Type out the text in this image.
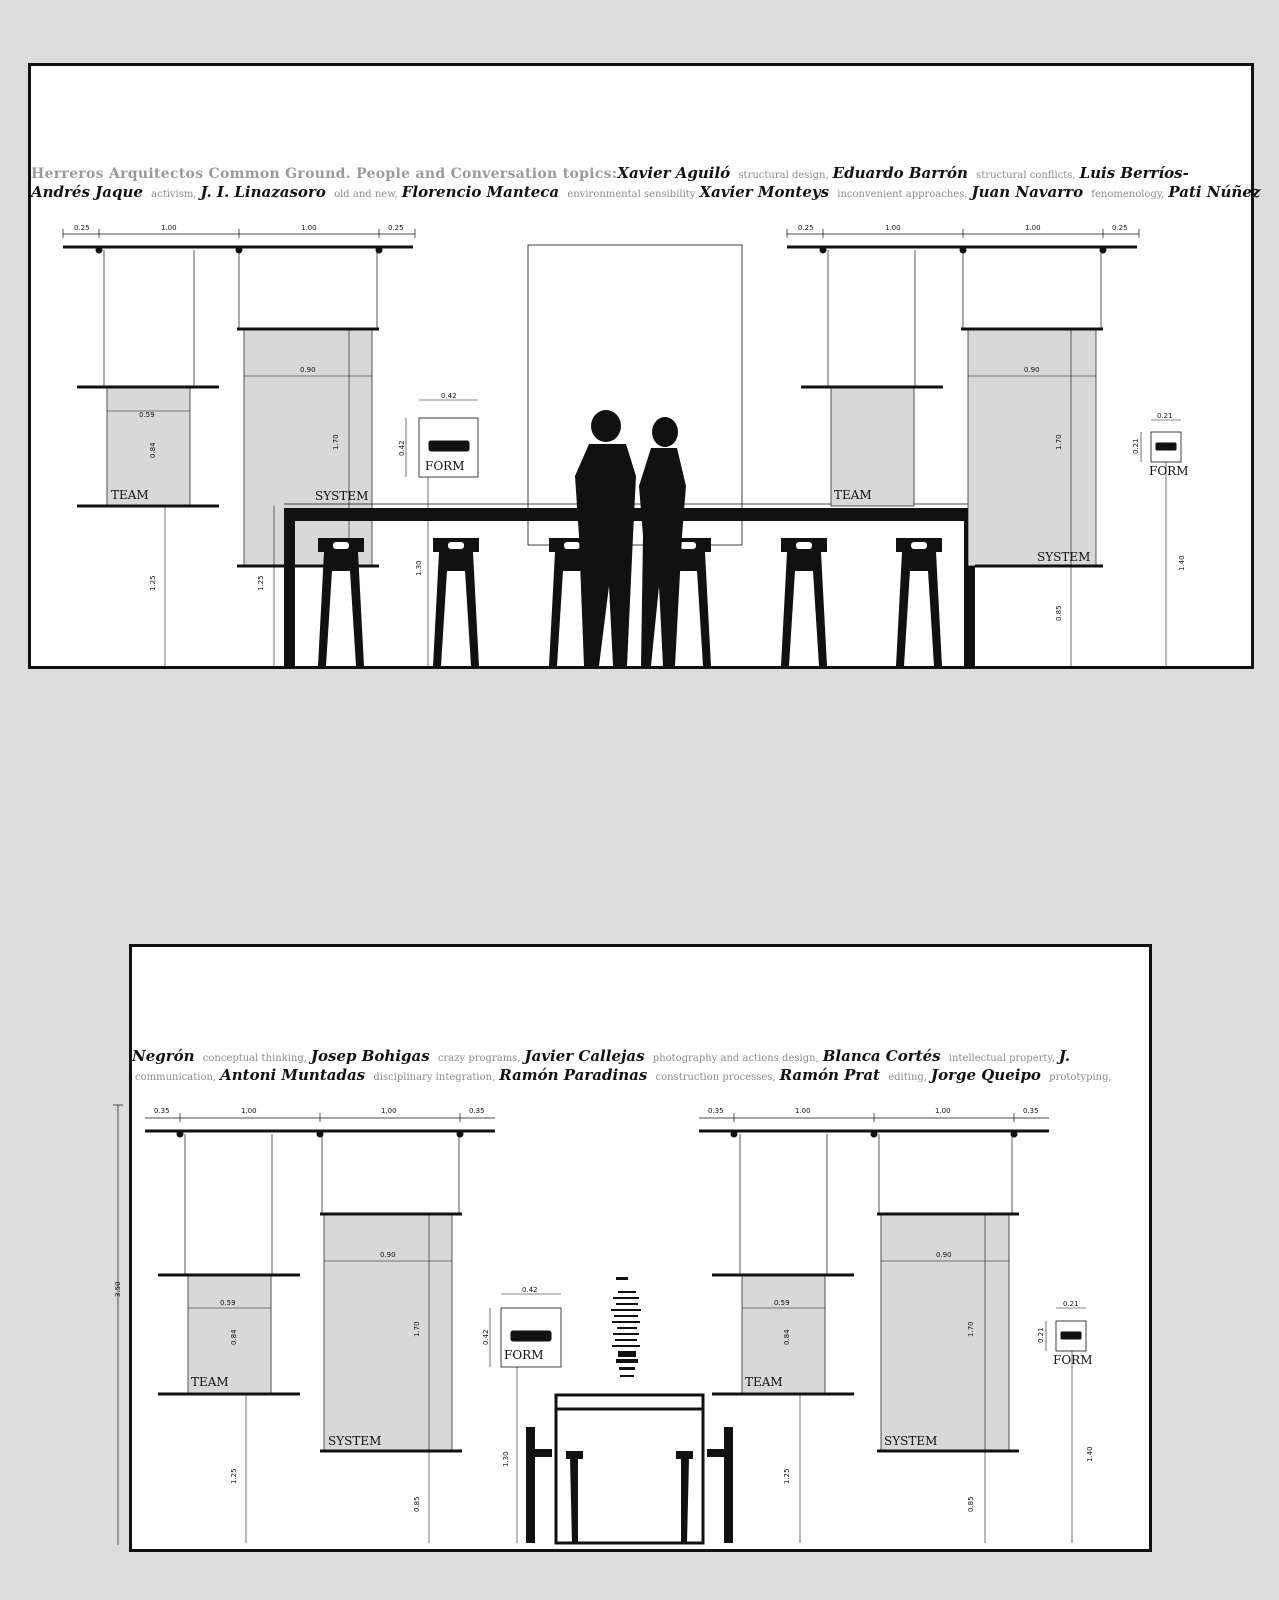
Herreros Arquitectos Common Ground. People and Conversation topics:Xavier Aguiló structural design, Eduardo Barrón structural conflicts, Luis Berríos-
Andrés Jaque activism, J. I. Linazasoro old and new, Florencio Manteca environmental sensibility Xavier Monteys inconvenient approaches, Juan Navarro fenomenology, Pati Núñez
TEAM	SYSTEM
FORM
TEAM
SYSTEM
FORM
0.25	1.00	1.00	0.25	0.25	1.00	1.00	0.25
0.59
0.90	0.90
0.42
0.21
0.84
1.70	1.70
0.42	0.21
1.25	1.25
1.30
0.85
1.40
Negrón conceptual thinking, Josep Bohigas crazy programs, Javier Callejas photography and actions design, Blanca Cortés intellectual property, J.
communication, Antoni Muntadas disciplinary integration, Ramón Paradinas construction processes, Ramón Prat editing, Jorge Queipo prototyping,
TEAM
SYSTEM
FORM
TEAM
SYSTEM
FORM
0.35	1.00	1.00	0.35	0.35	1.00	1.00	0.35
0.59	0.59
0.90	0.90
0.42
0.21
3.50
0.84	0.84
1.70	1.70
0.42	0.21
1.25	1.25
0.85	0.85
1.30	1.40
